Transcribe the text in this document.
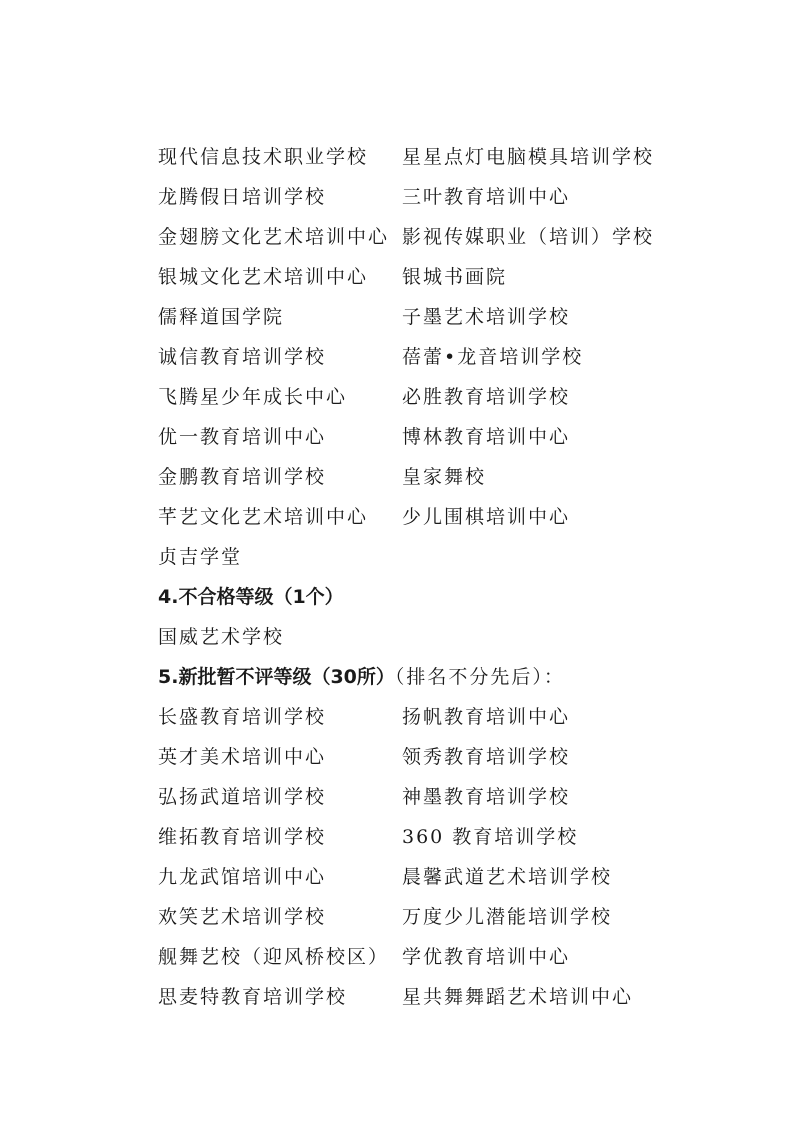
现代信息技术职业学校 星星点灯电脑模具培训学校
龙腾假日培训学校	三叶教育培训中心
金翅膀文化艺术培训中心 影视传媒职业（培训）学校
银城文化艺术培训中心 银城书画院
儒释道国学院	子墨艺术培训学校
诚信教育培训学校	蓓蕾•龙音培训学校
飞腾星少年成长中心	必胜教育培训学校
优一教育培训中心	博林教育培训中心
金鹏教育培训学校	皇家舞校
芊艺文化艺术培训中心 少儿围棋培训中心
贞吉学堂
4.不合格等级（1个）
国威艺术学校
5.新批暂不评等级（30所）（排名不分先后）：
长盛教育培训学校	扬帆教育培训中心
英才美术培训中心	领秀教育培训学校
弘扬武道培训学校	神墨教育培训学校
维拓教育培训学校	360 教育培训学校
九龙武馆培训中心	晨馨武道艺术培训学校
欢笑艺术培训学校	万度少儿潜能培训学校
舰舞艺校（迎风桥校区） 学优教育培训中心
思麦特教育培训学校	星共舞舞蹈艺术培训中心
